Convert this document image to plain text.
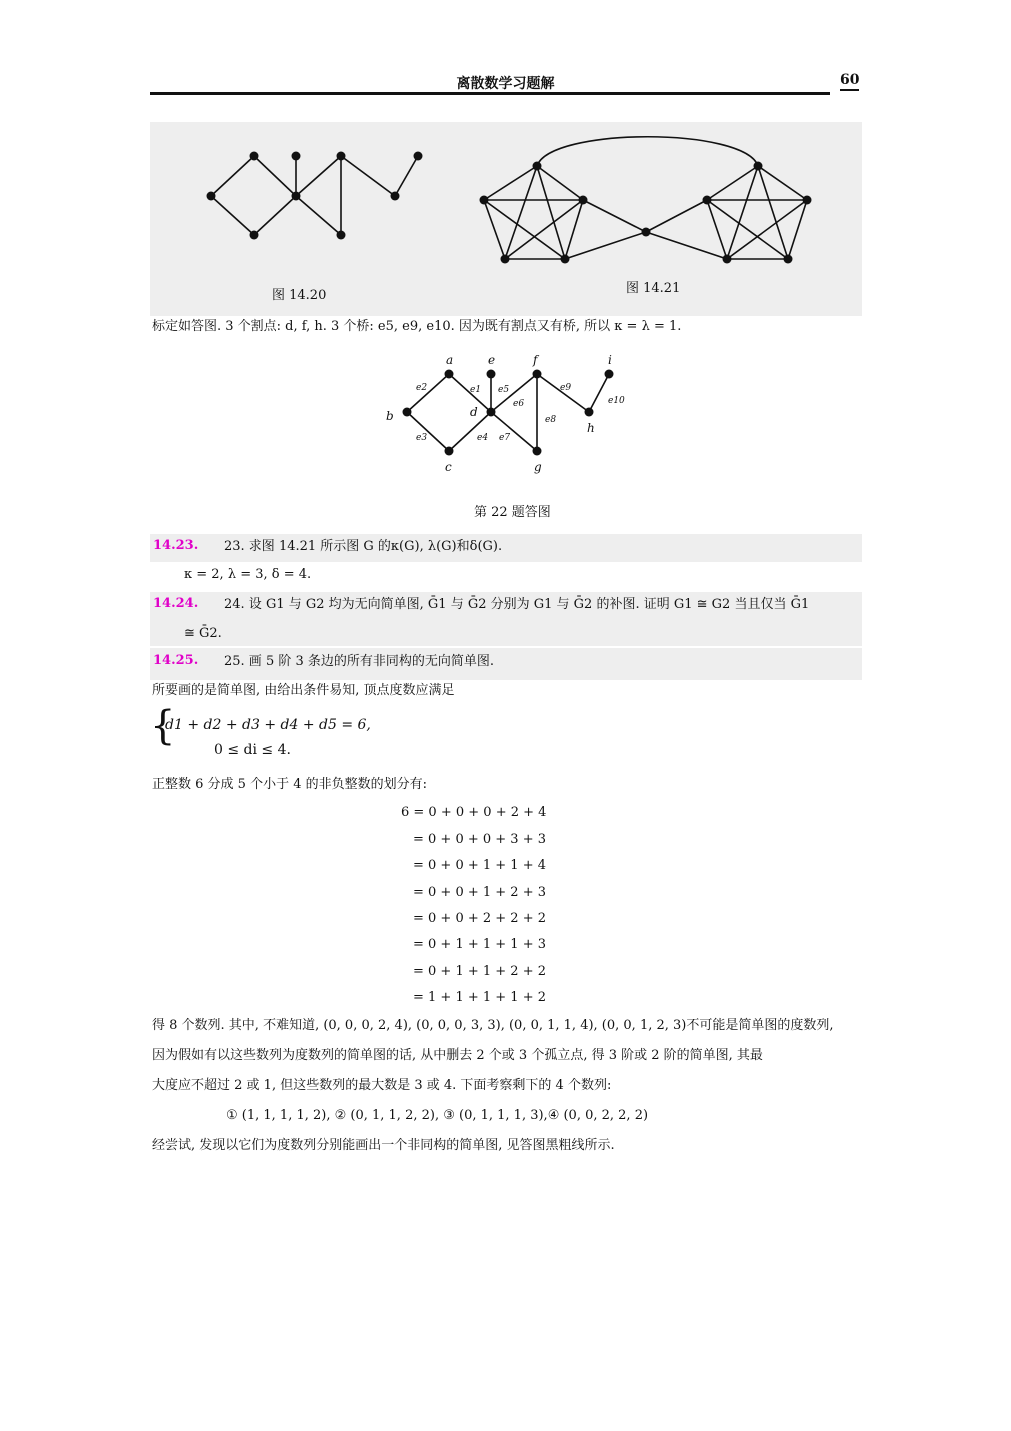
离散数学习题解	60
图 14.20	图 14.21
标定如答图. 3 个割点: d, f, h. 3 个桥: e5, e9, e10. 因为既有割点又有桥, 所以 κ = λ = 1.
a
b
c
d
e	f
g
h
i
e1
e2
e3	e4
e5
e6
e7
e8
e9
e10
第 22 题答图
14.23. 23. 求图 14.21 所示图 G 的κ(G), λ(G)和δ(G).
κ = 2, λ = 3, δ = 4.
14.24. 24. 设 G1 与 G2 均为无向简单图, Ḡ1 与 Ḡ2 分别为 G1 与 Ḡ2 的补图. 证明 G1 ≅ G2 当且仅当 Ḡ1
≅ Ḡ2.
14.25. 25. 画 5 阶 3 条边的所有非同构的无向简单图.
所要画的是简单图, 由给出条件易知, 顶点度数应满足
{
d1 + d2 + d3 + d4 + d5 = 6,
0 ≤ di ≤ 4.
正整数 6 分成 5 个小于 4 的非负整数的划分有:
6 = 0 + 0 + 0 + 2 + 4
= 0 + 0 + 0 + 3 + 3
= 0 + 0 + 1 + 1 + 4
= 0 + 0 + 1 + 2 + 3
= 0 + 0 + 2 + 2 + 2
= 0 + 1 + 1 + 1 + 3
= 0 + 1 + 1 + 2 + 2
= 1 + 1 + 1 + 1 + 2
得 8 个数列. 其中, 不难知道, (0, 0, 0, 2, 4), (0, 0, 0, 3, 3), (0, 0, 1, 1, 4), (0, 0, 1, 2, 3)不可能是简单图的度数列,
因为假如有以这些数列为度数列的简单图的话, 从中删去 2 个或 3 个孤立点, 得 3 阶或 2 阶的简单图, 其最
大度应不超过 2 或 1, 但这些数列的最大数是 3 或 4. 下面考察剩下的 4 个数列:
① (1, 1, 1, 1, 2), ② (0, 1, 1, 2, 2), ③ (0, 1, 1, 1, 3),④ (0, 0, 2, 2, 2)
经尝试, 发现以它们为度数列分别能画出一个非同构的简单图, 见答图黑粗线所示.
